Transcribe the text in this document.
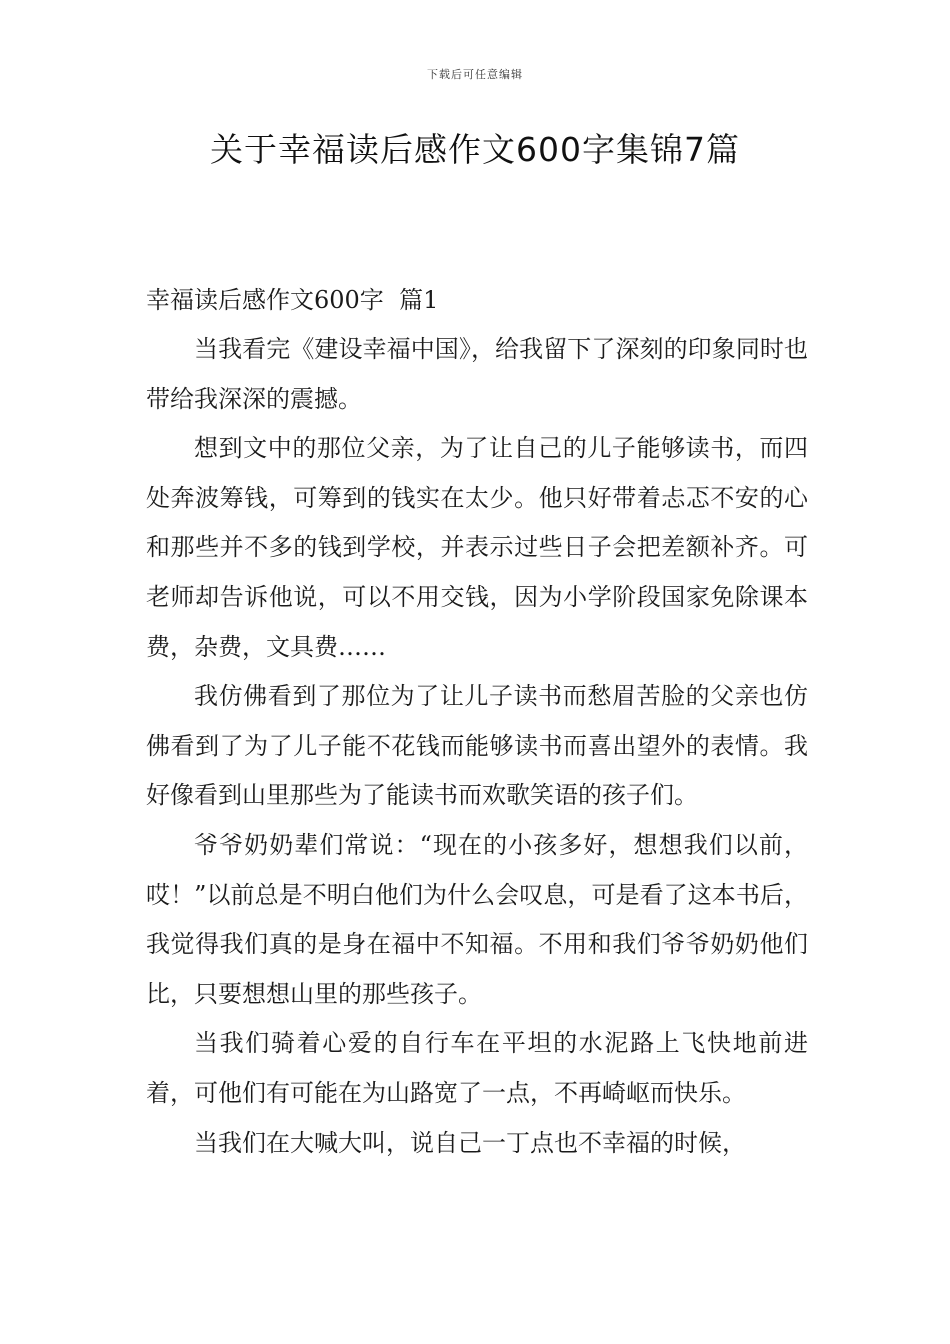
下载后可任意编辑
关于幸福读后感作文600字集锦7篇
幸福读后感作文600字  篇1

当我看完《建设幸福中国》，给我留下了深刻的印象同时也带给我深深的震撼。

想到文中的那位父亲，为了让自己的儿子能够读书，而四处奔波筹钱，可筹到的钱实在太少。他只好带着忐忑不安的心和那些并不多的钱到学校，并表示过些日子会把差额补齐。可老师却告诉他说，可以不用交钱，因为小学阶段国家免除课本费，杂费，文具费……

我仿佛看到了那位为了让儿子读书而愁眉苦脸的父亲也仿佛看到了为了儿子能不花钱而能够读书而喜出望外的表情。我好像看到山里那些为了能读书而欢歌笑语的孩子们。

爷爷奶奶辈们常说：“现在的小孩多好，想想我们以前，哎！”以前总是不明白他们为什么会叹息，可是看了这本书后，我觉得我们真的是身在福中不知福。不用和我们爷爷奶奶他们比，只要想想山里的那些孩子。

当我们骑着心爱的自行车在平坦的水泥路上飞快地前进着，可他们有可能在为山路宽了一点，不再崎岖而快乐。

当我们在大喊大叫，说自己一丁点也不幸福的时候，
